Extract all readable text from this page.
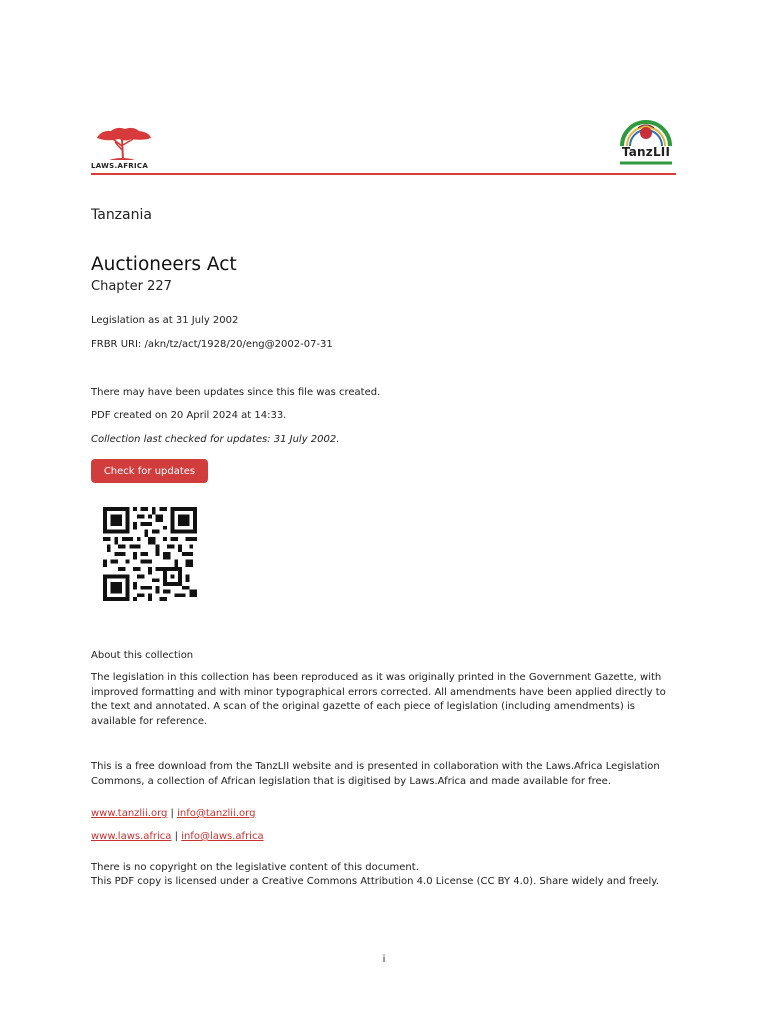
LAWS.AFRICA
TanzLII
Tanzania
Auctioneers Act
Chapter 227
Legislation as at 31 July 2002
FRBR URI: /akn/tz/act/1928/20/eng@2002-07-31
There may have been updates since this file was created.
PDF created on 20 April 2024 at 14:33.
Collection last checked for updates: 31 July 2002.
Check for updates
About this collection
The legislation in this collection has been reproduced as it was originally printed in the Government Gazette, with improved formatting and with minor typographical errors corrected. All amendments have been applied directly to the text and annotated. A scan of the original gazette of each piece of legislation (including amendments) is available for reference.
This is a free download from the TanzLII website and is presented in collaboration with the Laws.Africa Legislation Commons, a collection of African legislation that is digitised by Laws.Africa and made available for free.
www.tanzlii.org | info@tanzlii.org
www.laws.africa | info@laws.africa
There is no copyright on the legislative content of this document.
This PDF copy is licensed under a Creative Commons Attribution 4.0 License (CC BY 4.0). Share widely and freely.
i
